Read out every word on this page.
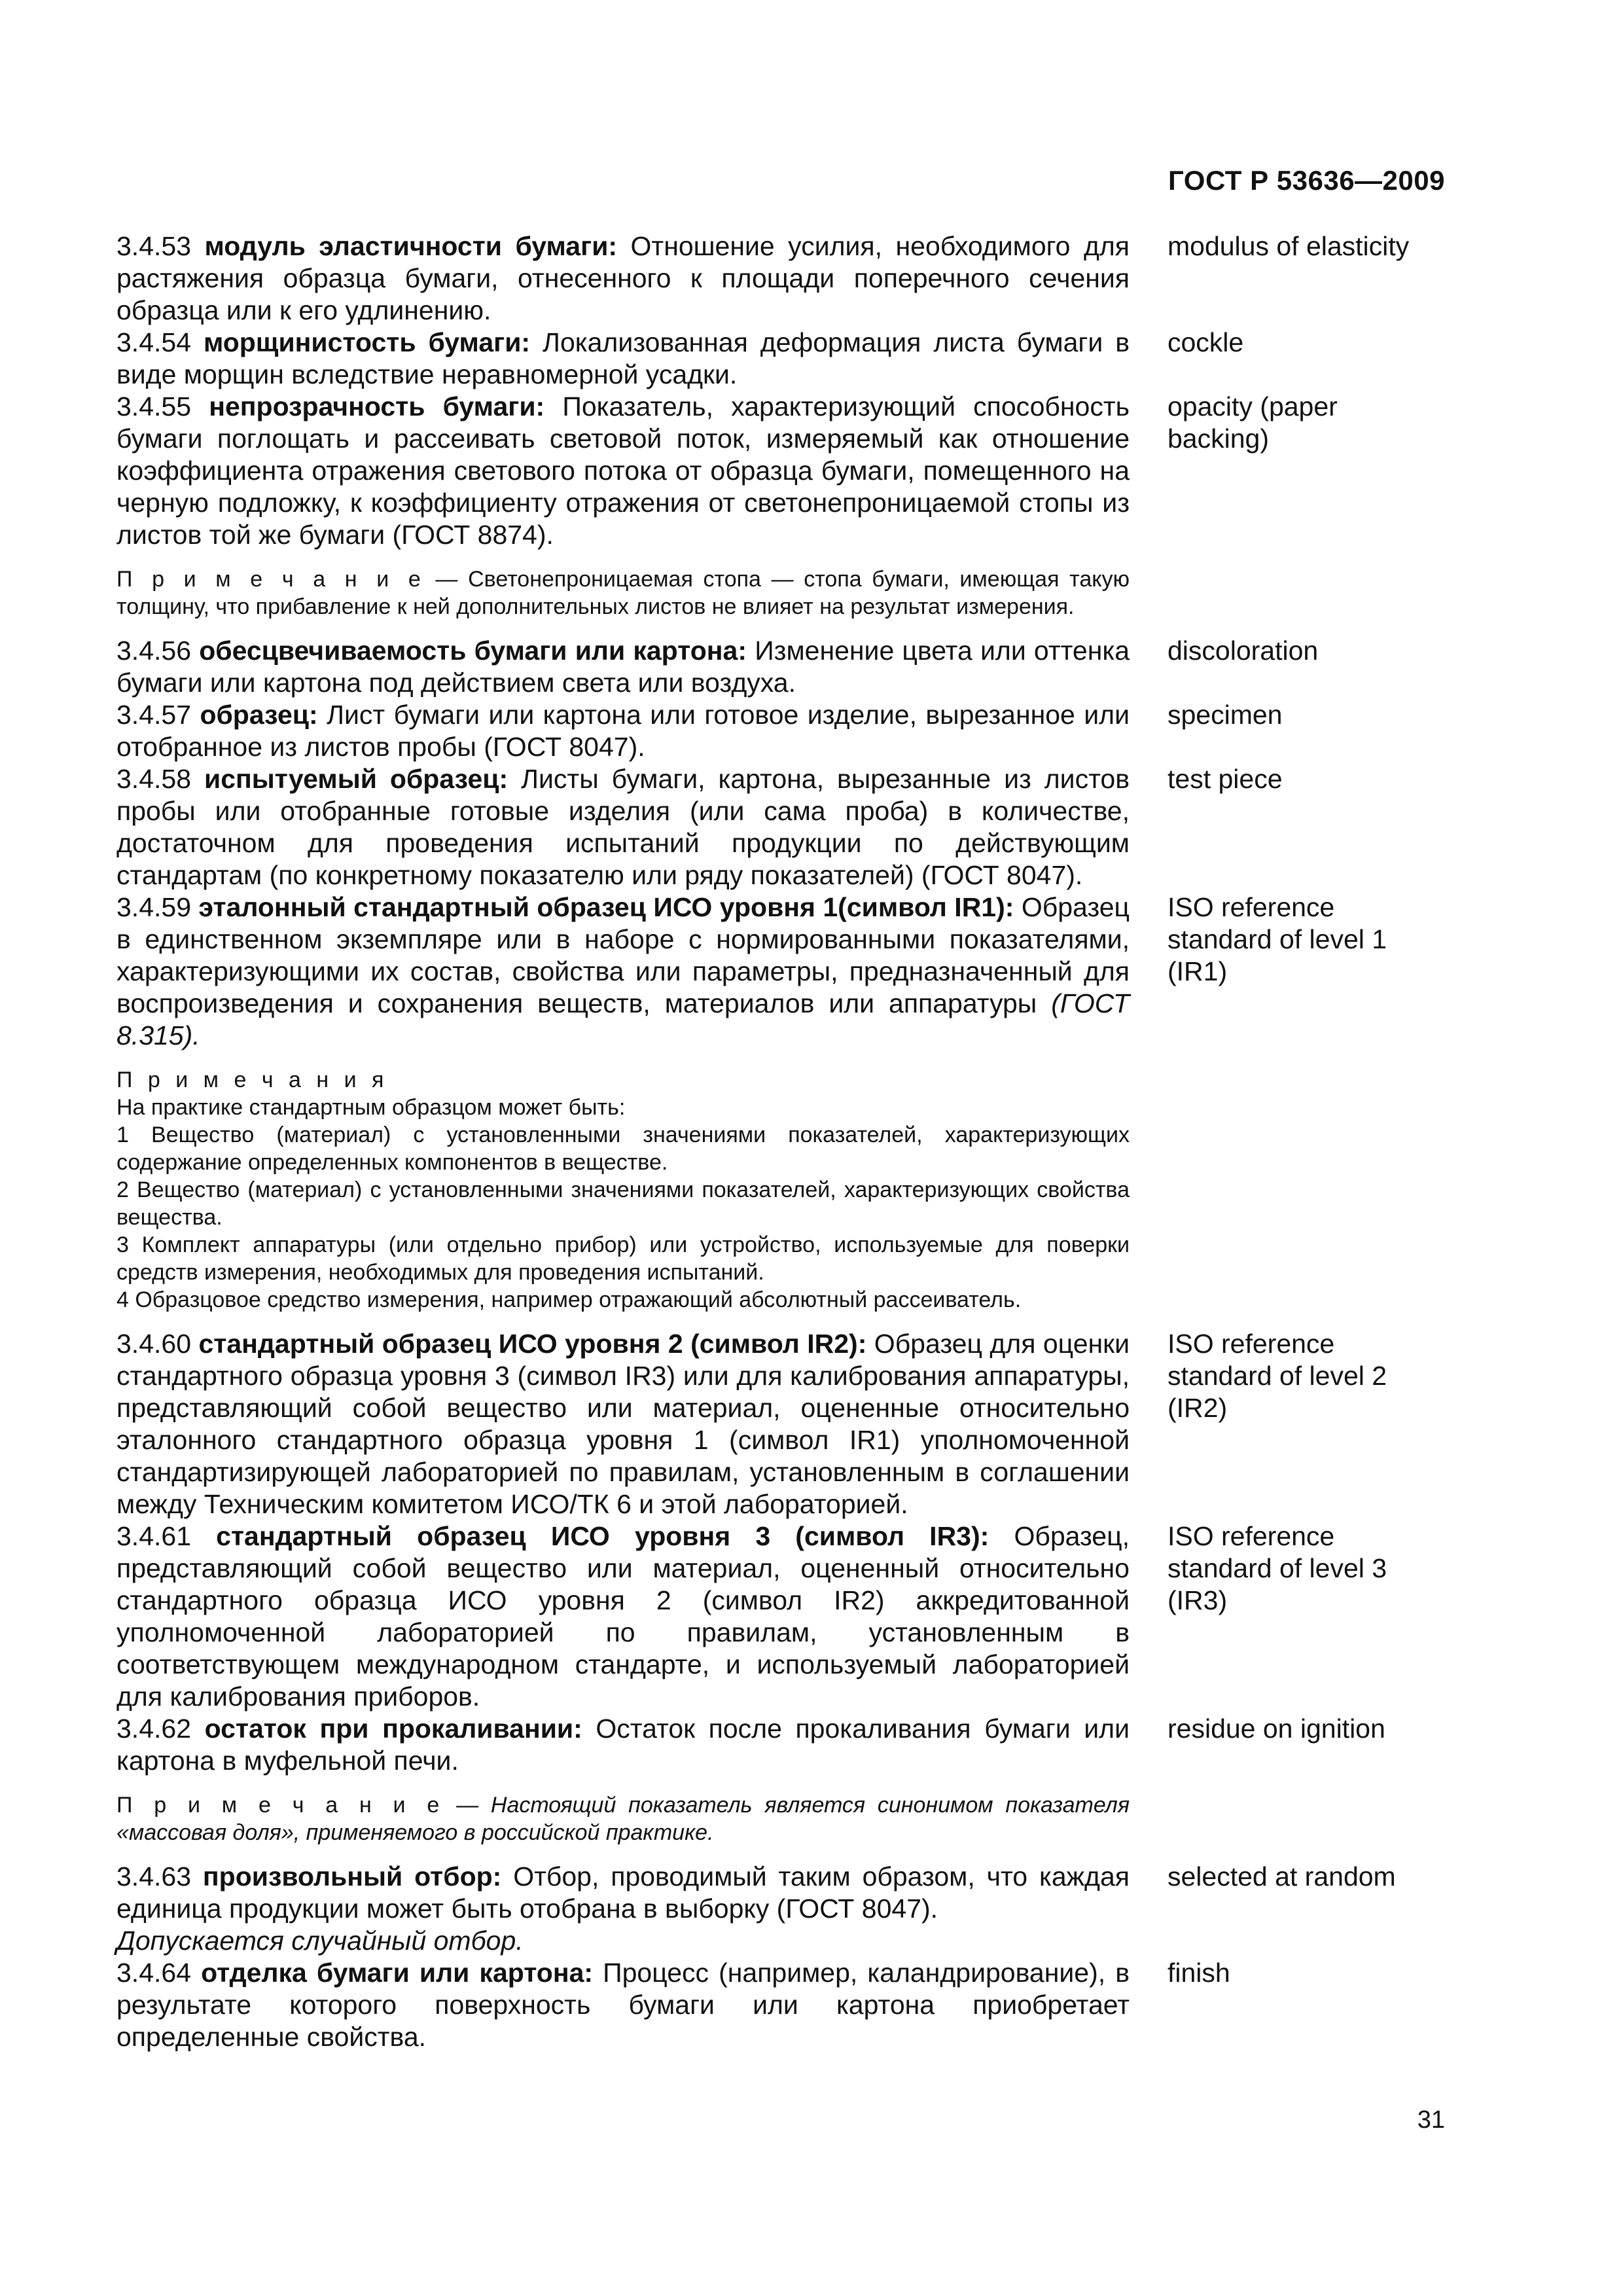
ГОСТ Р 53636—2009
3.4.53 модуль эластичности бумаги: Отношение усилия, необходимого для растяжения образца бумаги, отнесенного к площади поперечного сечения образца или к его удлинению.
modulus of elasticity
3.4.54 морщинистость бумаги: Локализованная деформация листа бумаги в виде морщин вследствие неравномерной усадки.
cockle
3.4.55 непрозрачность бумаги: Показатель, характеризующий способность бумаги поглощать и рассеивать световой поток, измеряемый как отношение коэффициента отражения светового потока от образца бумаги, помещенного на черную подложку, к коэффициенту отражения от светонепроницаемой стопы из листов той же бумаги (ГОСТ 8874).
opacity (paper backing)
П р и м е ч а н и е — Светонепроницаемая стопа — стопа бумаги, имеющая такую толщину, что прибавление к ней дополнительных листов не влияет на результат измерения.
3.4.56 обесцвечиваемость бумаги или картона: Изменение цвета или оттенка бумаги или картона под действием света или воздуха.
discoloration
3.4.57 образец: Лист бумаги или картона или готовое изделие, вырезанное или отобранное из листов пробы (ГОСТ 8047).
specimen
3.4.58 испытуемый образец: Листы бумаги, картона, вырезанные из листов пробы или отобранные готовые изделия (или сама проба) в количестве, достаточном для проведения испытаний продукции по действующим стандартам (по конкретному показателю или ряду показателей) (ГОСТ 8047).
test piece
3.4.59 эталонный стандартный образец ИСО уровня 1(символ IR1): Образец в единственном экземпляре или в наборе с нормированными показателями, характеризующими их состав, свойства или параметры, предназначенный для воспроизведения и сохранения веществ, материалов или аппаратуры (ГОСТ 8.315).
ISO reference standard of level 1 (IR1)
П р и м е ч а н и я
На практике стандартным образцом может быть:
1 Вещество (материал) с установленными значениями показателей, характеризующих содержание определенных компонентов в веществе.
2 Вещество (материал) с установленными значениями показателей, характеризующих свойства вещества.
3 Комплект аппаратуры (или отдельно прибор) или устройство, используемые для поверки средств измерения, необходимых для проведения испытаний.
4 Образцовое средство измерения, например отражающий абсолютный рассеиватель.
3.4.60 стандартный образец ИСО уровня 2 (символ IR2): Образец для оценки стандартного образца уровня 3 (символ IR3) или для калибрования аппаратуры, представляющий собой вещество или материал, оцененные относительно эталонного стандартного образца уровня 1 (символ IR1) уполномоченной стандартизирующей лабораторией по правилам, установленным в соглашении между Техническим комитетом ИСО/ТК 6 и этой лабораторией.
ISO reference standard of level 2 (IR2)
3.4.61 стандартный образец ИСО уровня 3 (символ IR3): Образец, представляющий собой вещество или материал, оцененный относительно стандартного образца ИСО уровня 2 (символ IR2) аккредитованной уполномоченной лабораторией по правилам, установленным в соответствующем международном стандарте, и используемый лабораторией для калибрования приборов.
ISO reference standard of level 3 (IR3)
3.4.62 остаток при прокаливании: Остаток после прокаливания бумаги или картона в муфельной печи.
residue on ignition
П р и м е ч а н и е — Настоящий показатель является синонимом показателя «массовая доля», применяемого в российской практике.
3.4.63 произвольный отбор: Отбор, проводимый таким образом, что каждая единица продукции может быть отобрана в выборку (ГОСТ 8047).
selected at random
Допускается случайный отбор.
3.4.64 отделка бумаги или картона: Процесс (например, каландрирование), в результате которого поверхность бумаги или картона приобретает определенные свойства.
finish
31
